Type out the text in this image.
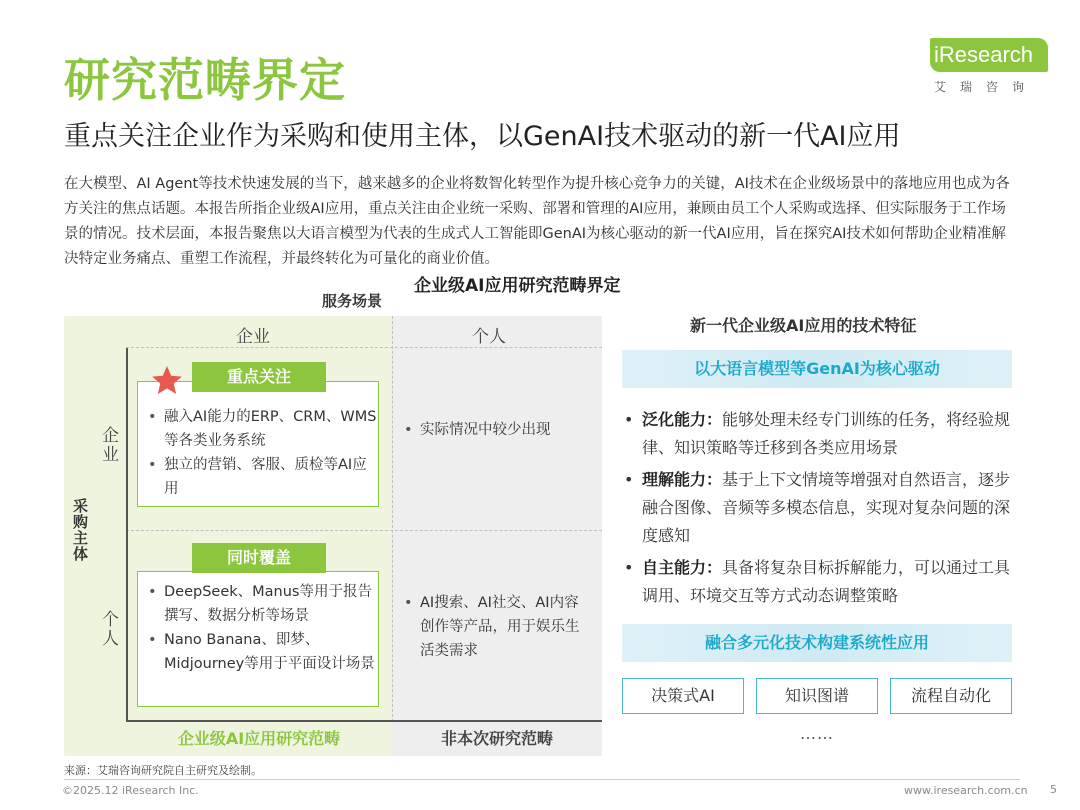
研究范畴界定	iResearch
艾瑞咨询
重点关注企业作为采购和使用主体，以GenAI技术驱动的新一代AI应用
在大模型、AI Agent等技术快速发展的当下，越来越多的企业将数智化转型作为提升核心竞争力的关键，AI技术在企业级场景中的落地应用也成为各方关注的焦点话题。本报告所指企业级AI应用，重点关注由企业统一采购、部署和管理的AI应用，兼顾由员工个人采购或选择、但实际服务于工作场景的情况。技术层面，本报告聚焦以大语言模型为代表的生成式人工智能即GenAI为核心驱动的新一代AI应用，旨在探究AI技术如何帮助企业精准解决特定业务痛点、重塑工作流程，并最终转化为可量化的商业价值。
企业级AI应用研究范畴界定
服务场景
企业	个人
采购主体
企业
个人
重点关注
• 融入AI能力的ERP、CRM、WMS等各类业务系统
• 独立的营销、客服、质检等AI应用
同时覆盖
• DeepSeek、Manus等用于报告撰写、数据分析等场景
• Nano Banana、即梦、Midjourney等用于平面设计场景
• 实际情况中较少出现
• AI搜索、AI社交、AI内容创作等产品，用于娱乐生活类需求
企业级AI应用研究范畴	非本次研究范畴
新一代企业级AI应用的技术特征
以大语言模型等GenAI为核心驱动
• 泛化能力：能够处理未经专门训练的任务，将经验规律、知识策略等迁移到各类应用场景
• 理解能力：基于上下文情境等增强对自然语言，逐步融合图像、音频等多模态信息，实现对复杂问题的深度感知
• 自主能力：具备将复杂目标拆解能力，可以通过工具调用、环境交互等方式动态调整策略
融合多元化技术构建系统性应用
决策式AI	知识图谱	流程自动化
……
来源：艾瑞咨询研究院自主研究及绘制。
©2025.12 iResearch Inc.	www.iresearch.com.cn 5
